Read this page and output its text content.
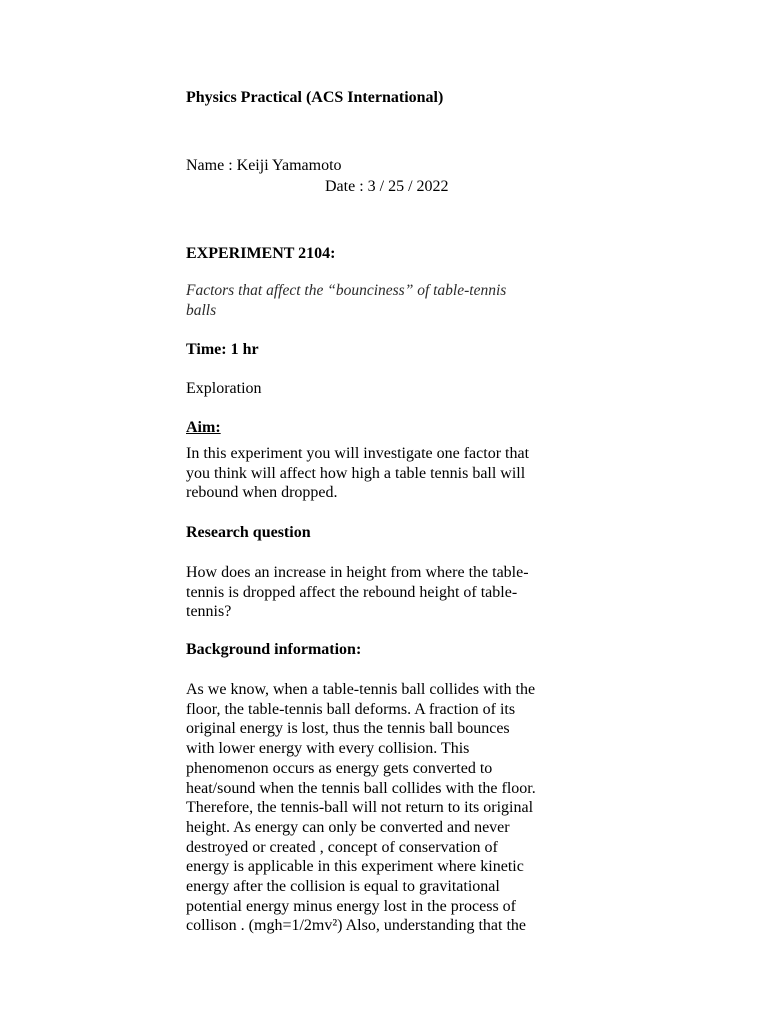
Physics Practical (ACS International)
Name : Keiji Yamamoto
Date : 3 / 25 / 2022
EXPERIMENT 2104:
Factors that affect the “bounciness” of table-tennis
balls
Time: 1 hr
Exploration
Aim:
In this experiment you will investigate one factor that
you think will affect how high a table tennis ball will
rebound when dropped.
Research question
How does an increase in height from where the table-
tennis is dropped affect the rebound height of table-
tennis?
Background information:
As we know, when a table-tennis ball collides with the
floor, the table-tennis ball deforms. A fraction of its
original energy is lost, thus the tennis ball bounces
with lower energy with every collision. This
phenomenon occurs as energy gets converted to
heat/sound when the tennis ball collides with the floor.
Therefore, the tennis-ball will not return to its original
height. As energy can only be converted and never
destroyed or created , concept of conservation of
energy is applicable in this experiment where kinetic
energy after the collision is equal to gravitational
potential energy minus energy lost in the process of
collison . (mgh=1/2mv²) Also, understanding that the
